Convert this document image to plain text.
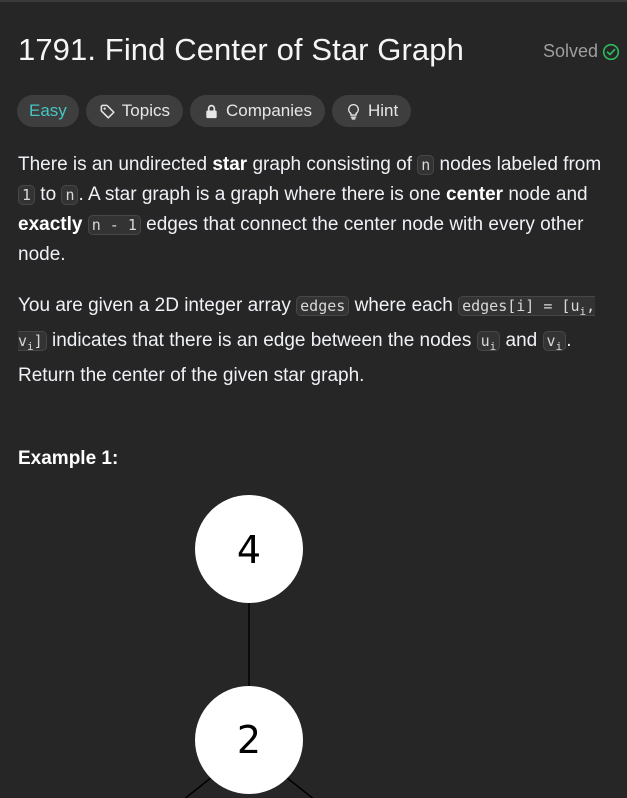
1791. Find Center of Star Graph	Solved
Easy	Topics	Companies	Hint

There is an undirected star graph consisting of n nodes labeled from 1 to n . A star graph is a graph where there is one center node and exactly n - 1 edges that connect the center node with every other node.

You are given a 2D integer array edges where each edges[i] = [$u_i$, $v_i$] indicates that there is an edge between the nodes $u_i$ and $v_i$ . Return the center of the given star graph.

Example 1:
4
2
